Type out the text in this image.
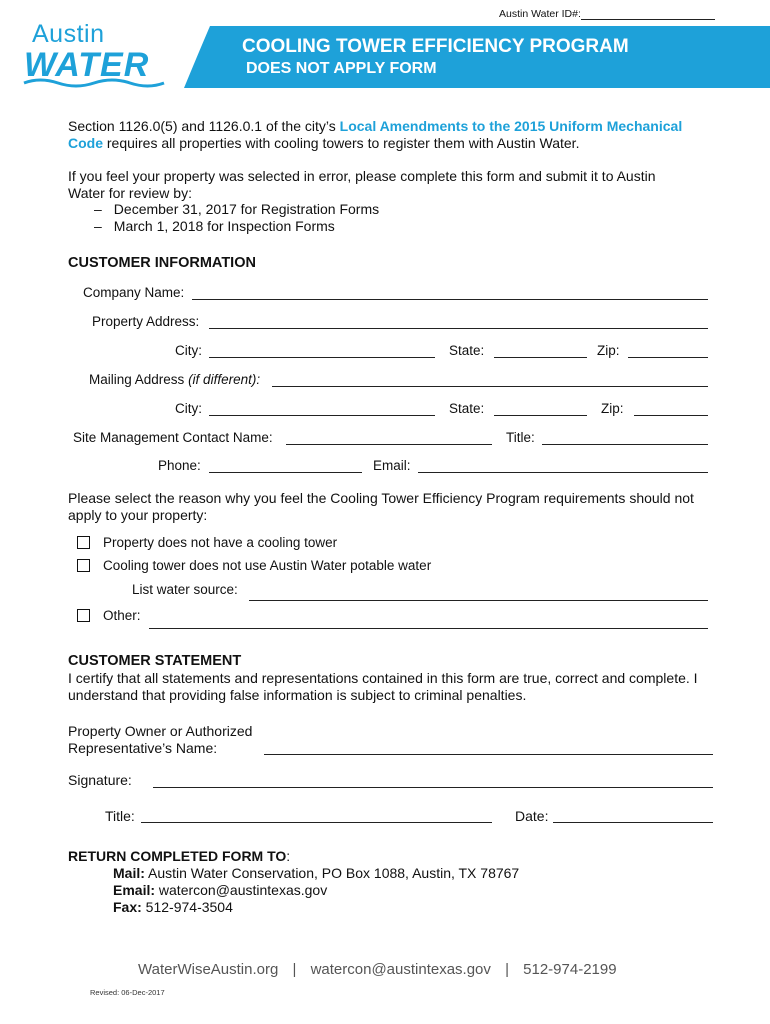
Austin Water ID#:
Austin
WATER	COOLING TOWER EFFICIENCY PROGRAM
DOES NOT APPLY FORM
Section 1126.0(5) and 1126.0.1 of the city’s Local Amendments to the 2015 Uniform Mechanical
Code requires all properties with cooling towers to register them with Austin Water.
If you feel your property was selected in error, please complete this form and submit it to Austin
Water for review by:
– December 31, 2017 for Registration Forms
– March 1, 2018 for Inspection Forms
CUSTOMER INFORMATION
Company Name:
Property Address:
City:	State:	Zip:
Mailing Address (if different):
City:	State:	Zip:
Site Management Contact Name:	Title:
Phone:	Email:
Please select the reason why you feel the Cooling Tower Efficiency Program requirements should not
apply to your property:
Property does not have a cooling tower
Cooling tower does not use Austin Water potable water
List water source:
Other:
CUSTOMER STATEMENT
I certify that all statements and representations contained in this form are true, correct and complete. I
understand that providing false information is subject to criminal penalties.
Property Owner or Authorized
Representative’s Name:
Signature:
Title:	Date:
RETURN COMPLETED FORM TO:
Mail: Austin Water Conservation, PO Box 1088, Austin, TX 78767
Email: watercon@austintexas.gov
Fax: 512-974-3504
WaterWiseAustin.org | watercon@austintexas.gov | 512-974-2199
Revised: 06-Dec-2017
